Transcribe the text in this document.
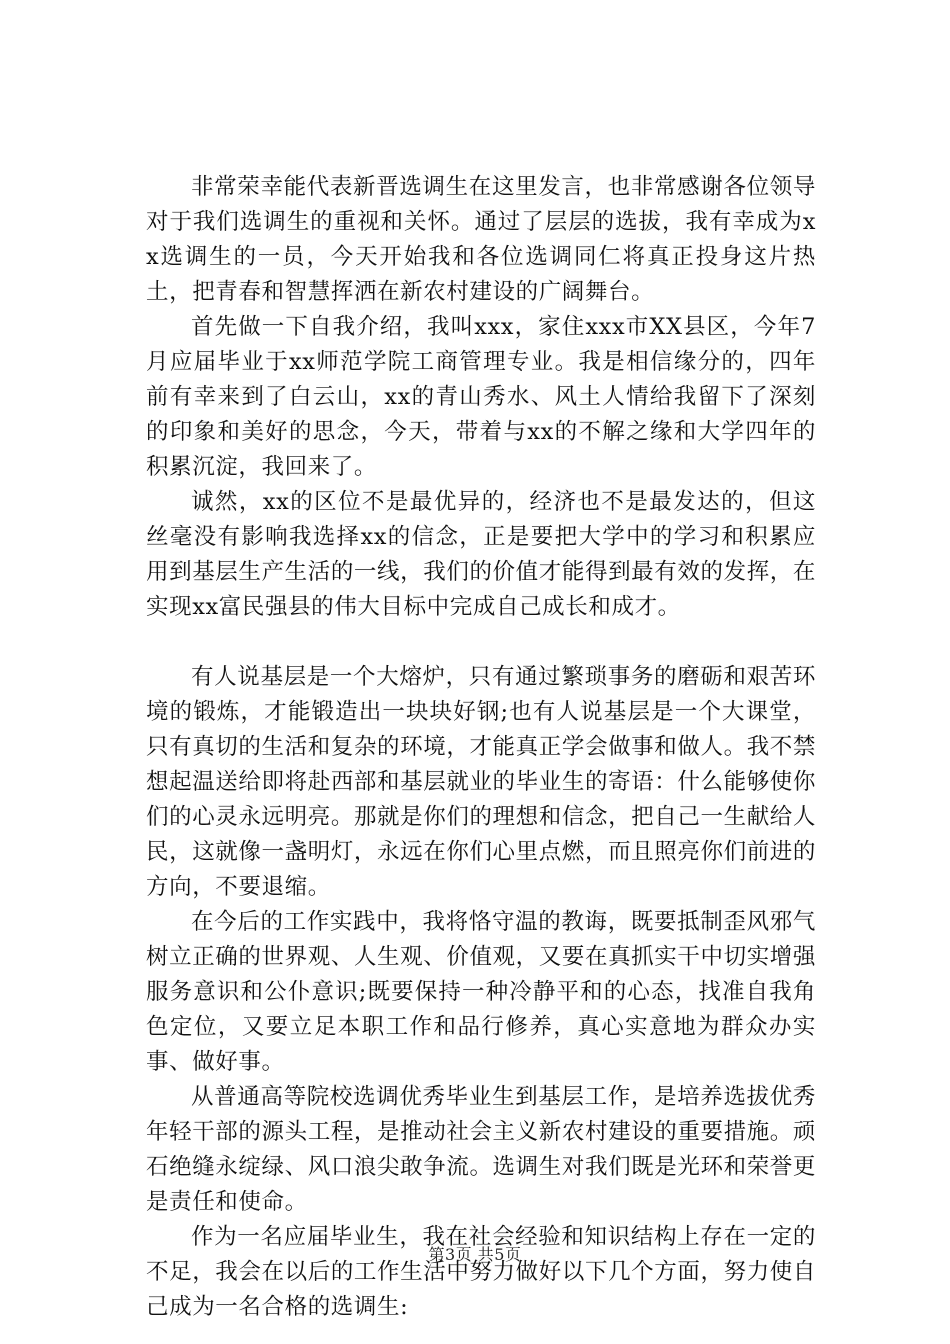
非常荣幸能代表新晋选调生在这里发言，也非常感谢各位领导对于我们选调生的重视和关怀。通过了层层的选拔，我有幸成为xx选调生的一员，今天开始我和各位选调同仁将真正投身这片热土，把青春和智慧挥洒在新农村建设的广阔舞台。

首先做一下自我介绍，我叫xxx，家住xxx市XX县区，今年7月应届毕业于xx师范学院工商管理专业。我是相信缘分的，四年前有幸来到了白云山，xx的青山秀水、风土人情给我留下了深刻的印象和美好的思念，今天，带着与xx的不解之缘和大学四年的积累沉淀，我回来了。

诚然，xx的区位不是最优异的，经济也不是最发达的，但这丝毫没有影响我选择xx的信念，正是要把大学中的学习和积累应用到基层生产生活的一线，我们的价值才能得到最有效的发挥，在实现xx富民强县的伟大目标中完成自己成长和成才。

有人说基层是一个大熔炉，只有通过繁琐事务的磨砺和艰苦环境的锻炼，才能锻造出一块块好钢;也有人说基层是一个大课堂，只有真切的生活和复杂的环境，才能真正学会做事和做人。我不禁想起温送给即将赴西部和基层就业的毕业生的寄语：什么能够使你们的心灵永远明亮。那就是你们的理想和信念，把自己一生献给人民，这就像一盏明灯，永远在你们心里点燃，而且照亮你们前进的方向，不要退缩。

在今后的工作实践中，我将恪守温的教诲，既要抵制歪风邪气树立正确的世界观、人生观、价值观，又要在真抓实干中切实增强服务意识和公仆意识;既要保持一种冷静平和的心态，找准自我角色定位，又要立足本职工作和品行修养，真心实意地为群众办实事、做好事。

从普通高等院校选调优秀毕业生到基层工作，是培养选拔优秀年轻干部的源头工程，是推动社会主义新农村建设的重要措施。顽石绝缝永绽绿、风口浪尖敢争流。选调生对我们既是光环和荣誉更是责任和使命。

作为一名应届毕业生，我在社会经验和知识结构上存在一定的不足，我会在以后的工作生活中努力做好以下几个方面，努力使自己成为一名合格的选调生:

第3页 共5页
